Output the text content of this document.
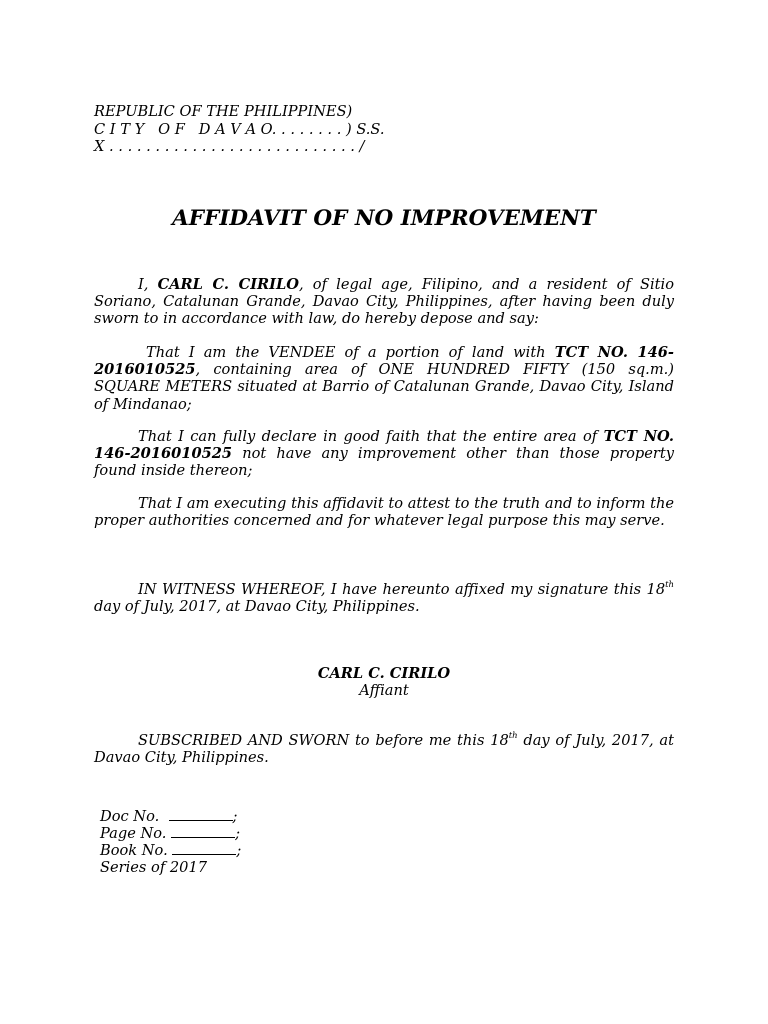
REPUBLIC OF THE PHILIPPINES)
C I T Y   O F   D A V A O. . . . . . . . ) S.S.
X . . . . . . . . . . . . . . . . . . . . . . . . . . . /
AFFIDAVIT OF NO IMPROVEMENT

I, CARL C. CIRILO, of legal age, Filipino, and a resident of Sitio Soriano, Catalunan Grande, Davao City, Philippines, after having been duly sworn to in accordance with law, do hereby depose and say:

That I am the VENDEE of a portion of land with TCT NO. 146-2016010525, containing area of ONE HUNDRED FIFTY (150 sq.m.) SQUARE METERS situated at Barrio of Catalunan Grande, Davao City, Island of Mindanao;

That I can fully declare in good faith that the entire area of TCT NO. 146-2016010525 not have any improvement other than those property found inside thereon;

That I am executing this affidavit to attest to the truth and to inform the proper authorities concerned and for whatever legal purpose this may serve.

IN WITNESS WHEREOF, I have hereunto affixed my signature this 18th day of July, 2017, at Davao City, Philippines.

CARL C. CIRILO
Affiant

SUBSCRIBED AND SWORN to before me this 18th day of July, 2017, at Davao City, Philippines.

Doc No.	;
Page No.	;
Book No.	;
Series of 2017
